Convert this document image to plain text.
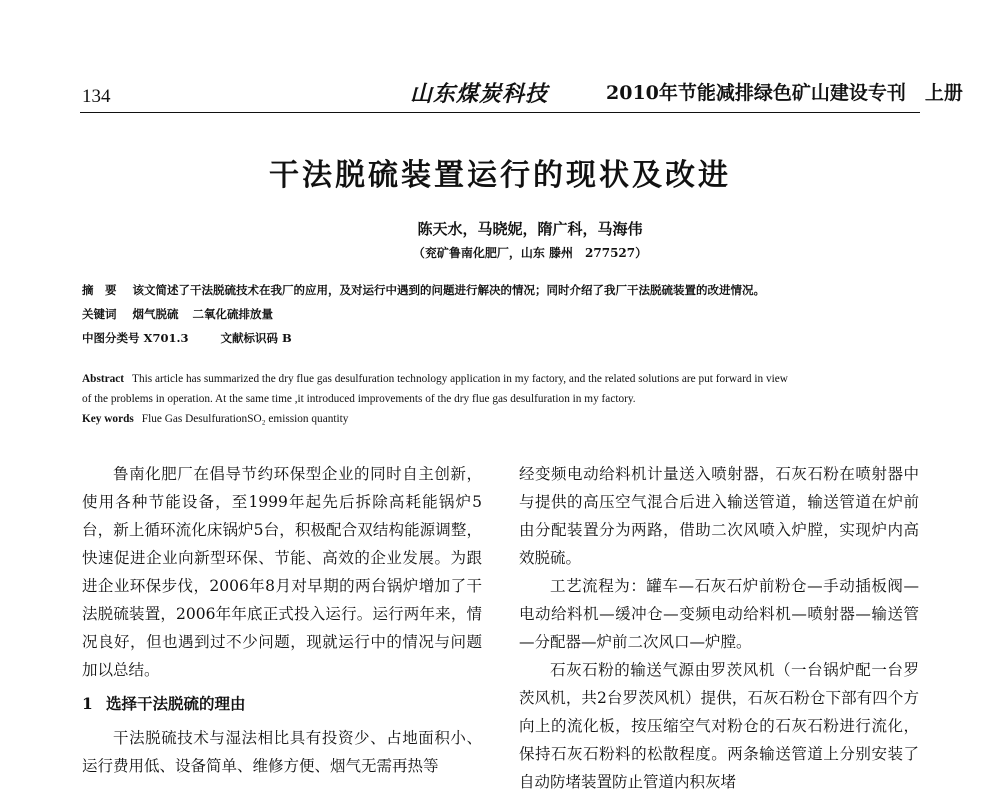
134	山东煤炭科技	2010年节能减排绿色矿山建设专刊　上册
干法脱硫装置运行的现状及改进
陈天水，马晓妮，隋广科，马海伟
（兖矿鲁南化肥厂，山东 滕州　277527）
摘　要 该文简述了干法脱硫技术在我厂的应用，及对运行中遇到的问题进行解决的情况；同时介绍了我厂干法脱硫装置的改进情况。
关键词 烟气脱硫 二氧化硫排放量
中图分类号 X701.3	文献标识码 B
Abstract This article has summarized the dry flue gas desulfuration technology application in my factory, and the related solutions are put forward in view
of the problems in operation. At the same time ,it introduced improvements of the dry flue gas desulfuration in my factory.
Key words Flue Gas DesulfurationSO₂ emission quantity

鲁南化肥厂在倡导节约环保型企业的同时自主创新，使用各种节能设备，至1999年起先后拆除高耗能锅炉5台，新上循环流化床锅炉5台，积极配合双结构能源调整，快速促进企业向新型环保、节能、高效的企业发展。为跟进企业环保步伐，2006年8月对早期的两台锅炉增加了干法脱硫装置，2006年年底正式投入运行。运行两年来，情况良好，但也遇到过不少问题，现就运行中的情况与问题加以总结。

1 选择干法脱硫的理由

干法脱硫技术与湿法相比具有投资少、占地面积小、运行费用低、设备简单、维修方便、烟气无需再热等

经变频电动给料机计量送入喷射器，石灰石粉在喷射器中与提供的高压空气混合后进入输送管道，输送管道在炉前由分配装置分为两路，借助二次风喷入炉膛，实现炉内高效脱硫。

工艺流程为：罐车—石灰石炉前粉仓—手动插板阀—电动给料机—缓冲仓—变频电动给料机—喷射器—输送管—分配器—炉前二次风口—炉膛。

石灰石粉的输送气源由罗茨风机（一台锅炉配一台罗茨风机，共2台罗茨风机）提供，石灰石粉仓下部有四个方向上的流化板，按压缩空气对粉仓的石灰石粉进行流化，保持石灰石粉料的松散程度。两条输送管道上分别安装了自动防堵装置防止管道内积灰堵
